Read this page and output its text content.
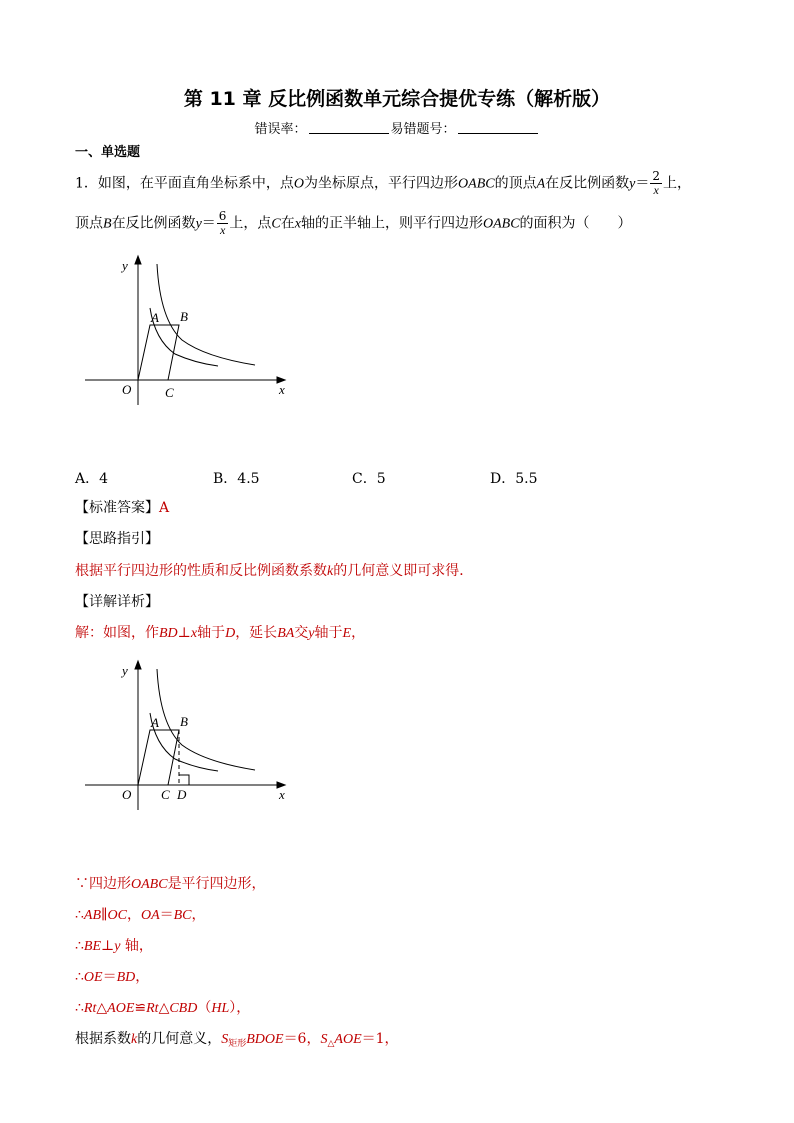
第 11 章 反比例函数单元综合提优专练（解析版）
错误率：	易错题号：
一、单选题
1．如图，在平面直角坐标系中，点O为坐标原点，平行四边形OABC的顶点A在反比例函数$y= \frac{2}{x}$ 上，
顶点B在反比例函数$y= \frac{6}{x}$ 上，点C在x轴的正半轴上，则平行四边形OABC的面积为（　　）
y
x
O
A B
C
A．4	B．4.5	C．5	D．5.5
【标准答案】A
【思路指引】
根据平行四边形的性质和反比例函数系数k的几何意义即可求得．
【详解详析】
解：如图，作BD⊥x轴于D，延长BA交y轴于E，
y
x
O
A B
C D
∵四边形OABC是平行四边形，
∴AB∥OC，OA＝BC，
∴BE⊥y 轴，
∴OE＝BD，
∴Rt△AOE≌Rt△CBD（HL），
根据系数k的几何意义，$S_{矩形}BDOE=6$，$S_\triangle AOE=1$，
